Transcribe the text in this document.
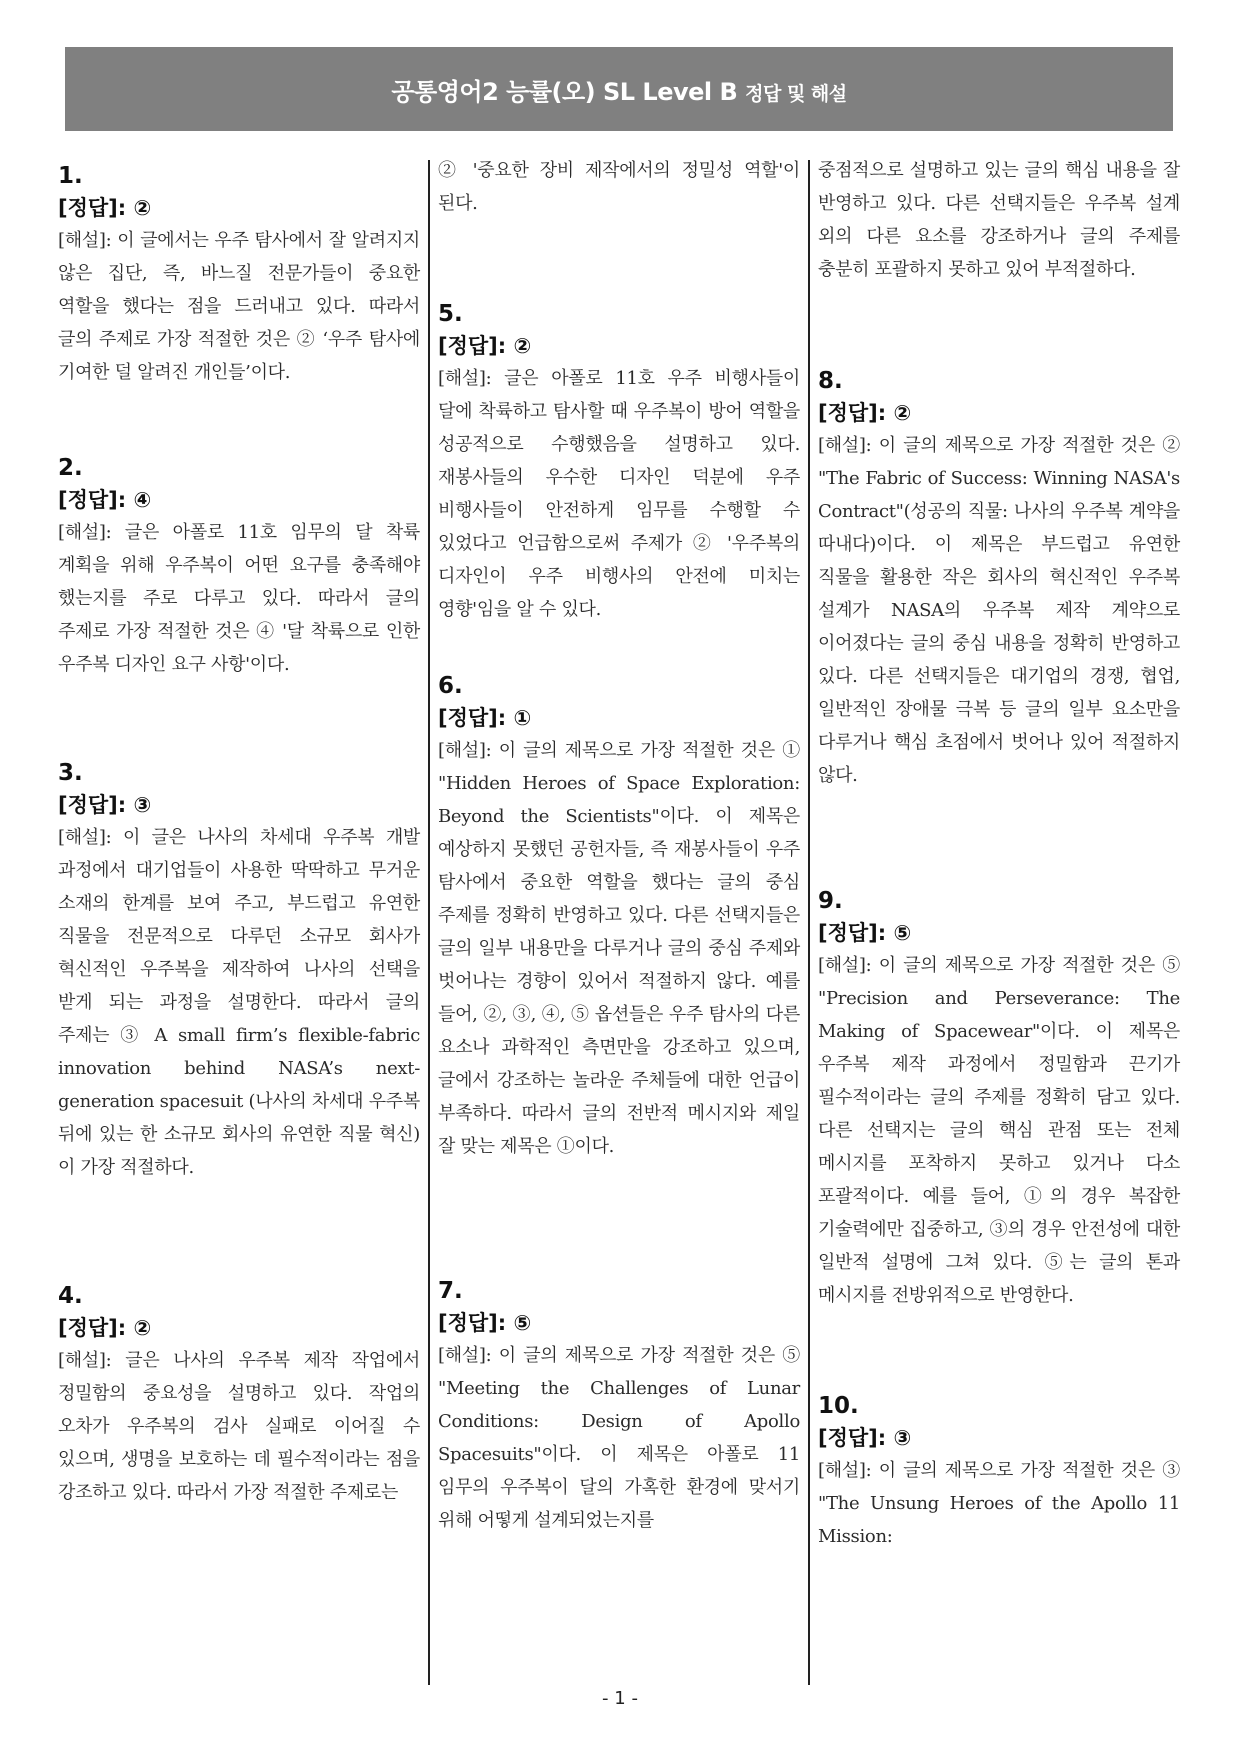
공통영어2 능률(오) SL Level B 정답 및 해설

1.

[정답]: ②

[해설]: 이 글에서는 우주 탐사에서 잘 알려지지 않은 집단, 즉, 바느질 전문가들이 중요한 역할을 했다는 점을 드러내고 있다. 따라서 글의 주제로 가장 적절한 것은 ② ‘우주 탐사에 기여한 덜 알려진 개인들’이다.

2.

[정답]: ④

[해설]: 글은 아폴로 11호 임무의 달 착륙 계획을 위해 우주복이 어떤 요구를 충족해야 했는지를 주로 다루고 있다. 따라서 글의 주제로 가장 적절한 것은 ④ '달 착륙으로 인한 우주복 디자인 요구 사항'이다.

3.

[정답]: ③

[해설]: 이 글은 나사의 차세대 우주복 개발 과정에서 대기업들이 사용한 딱딱하고 무거운 소재의 한계를 보여 주고, 부드럽고 유연한 직물을 전문적으로 다루던 소규모 회사가 혁신적인 우주복을 제작하여 나사의 선택을 받게 되는 과정을 설명한다. 따라서 글의 주제는 ③ A small firm’s flexible-fabric innovation behind NASA’s next-generation spacesuit (나사의 차세대 우주복 뒤에 있는 한 소규모 회사의 유연한 직물 혁신)이 가장 적절하다.

4.

[정답]: ②

[해설]: 글은 나사의 우주복 제작 작업에서 정밀함의 중요성을 설명하고 있다. 작업의 오차가 우주복의 검사 실패로 이어질 수 있으며, 생명을 보호하는 데 필수적이라는 점을 강조하고 있다. 따라서 가장 적절한 주제로는

② '중요한 장비 제작에서의 정밀성 역할'이 된다.

5.

[정답]: ②

[해설]: 글은 아폴로 11호 우주 비행사들이 달에 착륙하고 탐사할 때 우주복이 방어 역할을 성공적으로 수행했음을 설명하고 있다. 재봉사들의 우수한 디자인 덕분에 우주 비행사들이 안전하게 임무를 수행할 수 있었다고 언급함으로써 주제가 ② '우주복의 디자인이 우주 비행사의 안전에 미치는 영향'임을 알 수 있다.

6.

[정답]: ①

[해설]: 이 글의 제목으로 가장 적절한 것은 ① "Hidden Heroes of Space Exploration: Beyond the Scientists"이다. 이 제목은 예상하지 못했던 공헌자들, 즉 재봉사들이 우주 탐사에서 중요한 역할을 했다는 글의 중심 주제를 정확히 반영하고 있다. 다른 선택지들은 글의 일부 내용만을 다루거나 글의 중심 주제와 벗어나는 경향이 있어서 적절하지 않다. 예를 들어, ②, ③, ④, ⑤ 옵션들은 우주 탐사의 다른 요소나 과학적인 측면만을 강조하고 있으며, 글에서 강조하는 놀라운 주체들에 대한 언급이 부족하다. 따라서 글의 전반적 메시지와 제일 잘 맞는 제목은 ①이다.

7.

[정답]: ⑤

[해설]: 이 글의 제목으로 가장 적절한 것은 ⑤ "Meeting the Challenges of Lunar Conditions: Design of Apollo Spacesuits"이다. 이 제목은 아폴로 11 임무의 우주복이 달의 가혹한 환경에 맞서기 위해 어떻게 설계되었는지를

중점적으로 설명하고 있는 글의 핵심 내용을 잘 반영하고 있다. 다른 선택지들은 우주복 설계 외의 다른 요소를 강조하거나 글의 주제를 충분히 포괄하지 못하고 있어 부적절하다.

8.

[정답]: ②

[해설]: 이 글의 제목으로 가장 적절한 것은 ② "The Fabric of Success: Winning NASA's Contract"(성공의 직물: 나사의 우주복 계약을 따내다)이다. 이 제목은 부드럽고 유연한 직물을 활용한 작은 회사의 혁신적인 우주복 설계가 NASA의 우주복 제작 계약으로 이어졌다는 글의 중심 내용을 정확히 반영하고 있다. 다른 선택지들은 대기업의 경쟁, 협업, 일반적인 장애물 극복 등 글의 일부 요소만을 다루거나 핵심 초점에서 벗어나 있어 적절하지 않다.

9.

[정답]: ⑤

[해설]: 이 글의 제목으로 가장 적절한 것은 ⑤ "Precision and Perseverance: The Making of Spacewear"이다. 이 제목은 우주복 제작 과정에서 정밀함과 끈기가 필수적이라는 글의 주제를 정확히 담고 있다. 다른 선택지는 글의 핵심 관점 또는 전체 메시지를 포착하지 못하고 있거나 다소 포괄적이다. 예를 들어, ①의 경우 복잡한 기술력에만 집중하고, ③의 경우 안전성에 대한 일반적 설명에 그쳐 있다. ⑤는 글의 톤과 메시지를 전방위적으로 반영한다.

10.

[정답]: ③

[해설]: 이 글의 제목으로 가장 적절한 것은 ③ "The Unsung Heroes of the Apollo 11 Mission:

- 1 -
